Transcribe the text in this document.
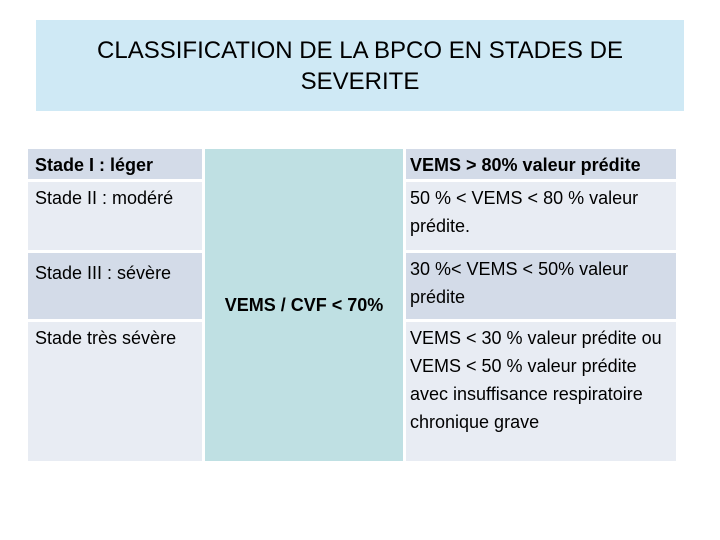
CLASSIFICATION DE LA BPCO EN STADES DE
SEVERITE
Stade I : léger
Stade II : modéré
Stade III : sévère
Stade très sévère
VEMS / CVF < 70%
VEMS > 80% valeur prédite
50 % < VEMS < 80 % valeur prédite.
30 %< VEMS < 50% valeur prédite
VEMS < 30 % valeur prédite ou VEMS < 50 % valeur prédite avec insuffisance respiratoire chronique grave
